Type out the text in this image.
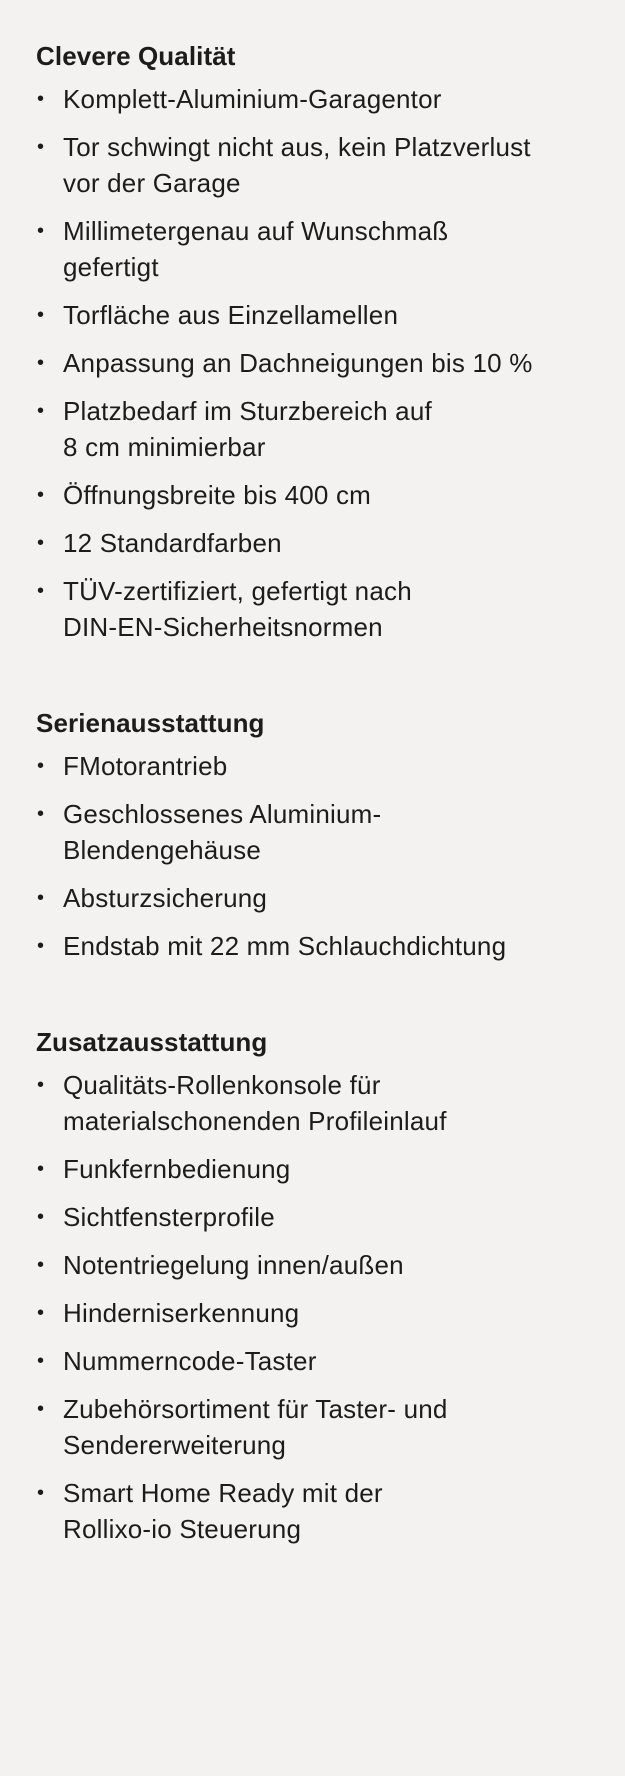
Clevere Qualität
• Komplett-Aluminium-Garagentor
• Tor schwingt nicht aus, kein Platzverlust
vor der Garage
• Millimetergenau auf Wunschmaß
gefertigt
• Torfläche aus Einzellamellen
• Anpassung an Dachneigungen bis 10 %
• Platzbedarf im Sturzbereich auf
8 cm minimierbar
• Öffnungsbreite bis 400 cm
• 12 Standardfarben
• TÜV-zertifiziert, gefertigt nach
DIN-EN-Sicherheitsnormen
Serienausstattung
• FMotorantrieb
• Geschlossenes Aluminium-
Blendengehäuse
• Absturzsicherung
• Endstab mit 22 mm Schlauchdichtung
Zusatzausstattung
• Qualitäts-Rollenkonsole für
materialschonenden Profileinlauf
• Funkfernbedienung
• Sichtfensterprofile
• Notentriegelung innen/außen
• Hinderniserkennung
• Nummerncode-Taster
• Zubehörsortiment für Taster- und
Sendererweiterung
• Smart Home Ready mit der
Rollixo-io Steuerung
